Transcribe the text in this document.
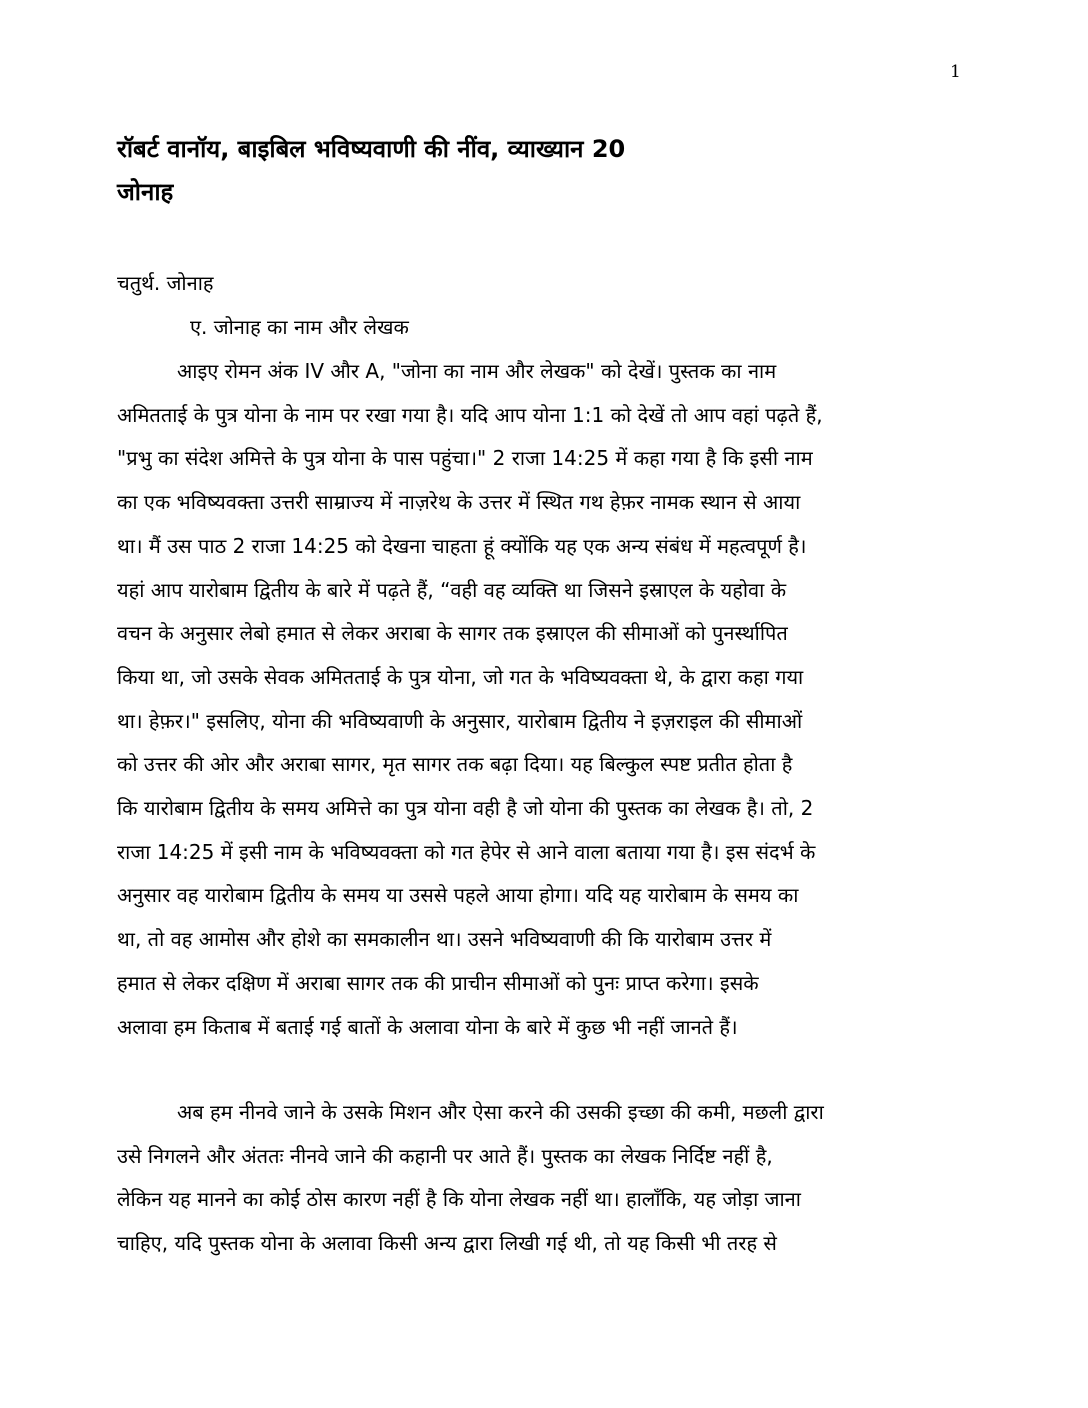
1
रॉबर्ट वानॉय, बाइबिल भविष्यवाणी की नींव, व्याख्यान 20
जोनाह
चतुर्थ. जोनाह
ए. जोनाह का नाम और लेखक
आइए रोमन अंक IV और A, "जोना का नाम और लेखक" को देखें। पुस्तक का नाम
अमितताई के पुत्र योना के नाम पर रखा गया है। यदि आप योना 1:1 को देखें तो आप वहां पढ़ते हैं,
"प्रभु का संदेश अमित्ते के पुत्र योना के पास पहुंचा।" 2 राजा 14:25 में कहा गया है कि इसी नाम
का एक भविष्यवक्ता उत्तरी साम्राज्य में नाज़रेथ के उत्तर में स्थित गथ हेफ़र नामक स्थान से आया
था। मैं उस पाठ 2 राजा 14:25 को देखना चाहता हूं क्योंकि यह एक अन्य संबंध में महत्वपूर्ण है।
यहां आप यारोबाम द्वितीय के बारे में पढ़ते हैं, “वही वह व्यक्ति था जिसने इस्राएल के यहोवा के
वचन के अनुसार लेबो हमात से लेकर अराबा के सागर तक इस्राएल की सीमाओं को पुनर्स्थापित
किया था, जो उसके सेवक अमितताई के पुत्र योना, जो गत के भविष्यवक्ता थे, के द्वारा कहा गया
था। हेफ़र।" इसलिए, योना की भविष्यवाणी के अनुसार, यारोबाम द्वितीय ने इज़राइल की सीमाओं
को उत्तर की ओर और अराबा सागर, मृत सागर तक बढ़ा दिया। यह बिल्कुल स्पष्ट प्रतीत होता है
कि यारोबाम द्वितीय के समय अमित्ते का पुत्र योना वही है जो योना की पुस्तक का लेखक है। तो, 2
राजा 14:25 में इसी नाम के भविष्यवक्ता को गत हेपेर से आने वाला बताया गया है। इस संदर्भ के
अनुसार वह यारोबाम द्वितीय के समय या उससे पहले आया होगा। यदि यह यारोबाम के समय का
था, तो वह आमोस और होशे का समकालीन था। उसने भविष्यवाणी की कि यारोबाम उत्तर में
हमात से लेकर दक्षिण में अराबा सागर तक की प्राचीन सीमाओं को पुनः प्राप्त करेगा। इसके
अलावा हम किताब में बताई गई बातों के अलावा योना के बारे में कुछ भी नहीं जानते हैं।
अब हम नीनवे जाने के उसके मिशन और ऐसा करने की उसकी इच्छा की कमी, मछली द्वारा
उसे निगलने और अंततः नीनवे जाने की कहानी पर आते हैं। पुस्तक का लेखक निर्दिष्ट नहीं है,
लेकिन यह मानने का कोई ठोस कारण नहीं है कि योना लेखक नहीं था। हालाँकि, यह जोड़ा जाना
चाहिए, यदि पुस्तक योना के अलावा किसी अन्य द्वारा लिखी गई थी, तो यह किसी भी तरह से
